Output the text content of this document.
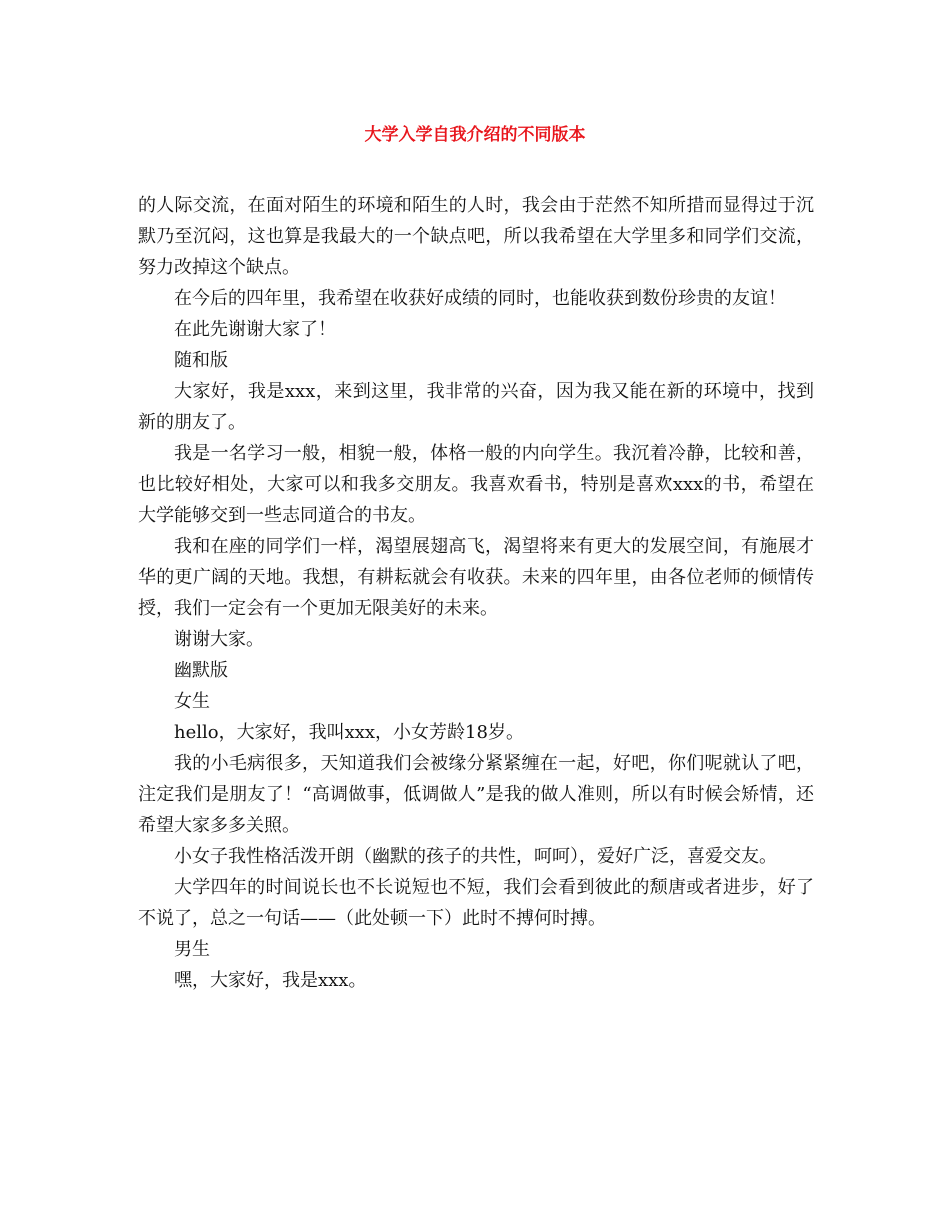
大学入学自我介绍的不同版本

的人际交流，在面对陌生的环境和陌生的人时，我会由于茫然不知所措而显得过于沉默乃至沉闷，这也算是我最大的一个缺点吧，所以我希望在大学里多和同学们交流，努力改掉这个缺点。

在今后的四年里，我希望在收获好成绩的同时，也能收获到数份珍贵的友谊！

在此先谢谢大家了！

随和版

大家好，我是xxx，来到这里，我非常的兴奋，因为我又能在新的环境中，找到新的朋友了。

我是一名学习一般，相貌一般，体格一般的内向学生。我沉着冷静，比较和善，也比较好相处，大家可以和我多交朋友。我喜欢看书，特别是喜欢xxx的书，希望在大学能够交到一些志同道合的书友。

我和在座的同学们一样，渴望展翅高飞，渴望将来有更大的发展空间，有施展才华的更广阔的天地。我想，有耕耘就会有收获。未来的四年里，由各位老师的倾情传授，我们一定会有一个更加无限美好的未来。

谢谢大家。

幽默版

女生

hello，大家好，我叫xxx，小女芳龄18岁。

我的小毛病很多，天知道我们会被缘分紧紧缠在一起，好吧，你们呢就认了吧，注定我们是朋友了！“高调做事，低调做人”是我的做人准则，所以有时候会矫情，还希望大家多多关照。

小女子我性格活泼开朗（幽默的孩子的共性，呵呵），爱好广泛，喜爱交友。

大学四年的时间说长也不长说短也不短，我们会看到彼此的颓唐或者进步，好了不说了，总之一句话——（此处顿一下）此时不搏何时搏。

男生

嘿，大家好，我是xxx。
